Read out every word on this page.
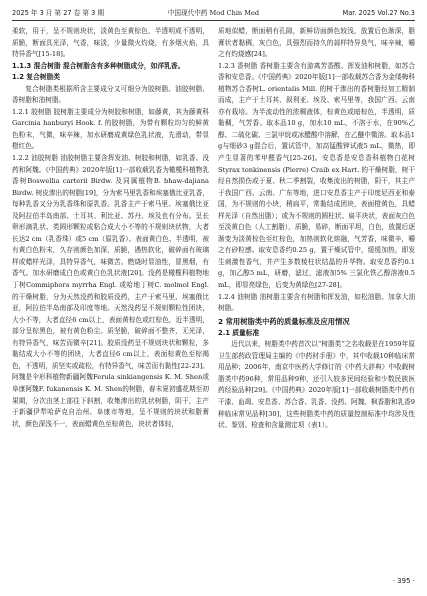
2025 年 3 月 第 27 卷 第 3 期	中国现代中药 Mod Chin Med	Mar. 2025 Vol.27 No.3

柔软，用于，呈不规则块状，淡黄色至黄棕色，半透明或不透明，质脆，断面具光泽，气香，味淡，少量微火灼烧，有多烟火焰，具特异香气[15-18]。

1.1.3 混合树脂 混合树脂含有多种树脂成分，如洋乳香。
1.2 复合树脂类

复合树脂类根据所含主要成分又可细分为胶树脂、油胶树脂、香树脂和油树脂。

1.2.1 胶树脂 胶树脂主要成分为树胶和树脂，如藤黄，其为藤黄科Garcinia hanburyi Hook. f. 的胶树脂，为带有颗粒均匀的鲜黄色粉末，气微，味辛辣，加水研磨成黄绿色乳状液，先滑动，带显橙红色。

1.2.2 油胶树脂 油胶树脂主要含挥发油、树胶和树脂，如乳香、没药和阿魏。《中国药典》2020年版[1]一部收载乳香为橄榄科植物乳香树Boswellia carterii Birdw. 及同属植物B. bhaw-dajiana Birdw. 树皮渗出的树脂[19]，分为索马里乳香和埃塞俄比亚乳香，每种乳香又分为乳香珠和原乳香。乳香主产于索马里、埃塞俄比亚及阿拉伯半岛南部、土耳其、利比亚、苏丹、埃及也有分布。呈长卵形滴乳状、类圆形颗粒或粘合成大小不等的不规则块状物，大者长达2 cm（乳香珠）或5 cm（原乳香）。表面黄白色、半透明，被有黄白色粉末，久存则颜色加深，质脆，遇热软化，破碎面有玻璃样或蜡样光泽，具特异香气，味微苦。燃烧时显油性，冒黑烟，有香气。加水研磨成白色或黄白色乳状液[20]。没药是橄榄科植物地丁树Commiphora myrrha Engl. 或哈地丁树C. molmol Engl. 的干燥树脂，分为天然没药和胶质没药，主产于索马里、埃塞俄比亚，阿拉伯半岛南部及印度等地。天然没药呈不规则颗粒性团块，大小不等，大者直径6 cm以上，表面黄棕色或红棕色，近半透明，部分呈棕黑色，被有黄色粉尘。质坚脆，破碎面不整齐，无光泽，有特异香气，味苦而微辛[21]。胶质没药呈不规则块状和颗粒，多黏结成大小不等的团块，大者直径6 cm以上，表面棕黄色至棕褐色，不透明，质坚实或疏松，有特异香气，味苦而有黏性[22-23]。阿魏是伞形科植物新疆阿魏Ferula sinkiangensis K. M. Shen或阜康阿魏F. fukanensis K. M. Shen的树脂，春末夏初盛花期至初果期，分次由茎上部往下斜割，收集渗出的乳状树脂，阴干，主产于新疆伊犁哈萨克自治州、阜康市等地，呈不规则的块状和脂膏状，颜色深浅不一，表面蜡黄色至棕黄色，块状者体轻，

质地似蜡，断面稍有孔隙，新鲜切面颜色较浅，放置后色渐深，脂膏状者黏稠，灰白色，具强烈而持久的蒜样特异臭气，味辛辣，嚼之有灼烧感[24]。

1.2.3 香树脂 香树脂主要含有游离芳香酸、挥发油和树脂，如苏合香和安息香。《中国药典》2020年版[1]一部收载苏合香为金缕梅科植物苏合香树L. orientalis Mill. 的树干渗出的香树脂经加工精制而成，主产于土耳其、叙利亚、埃及、索马里等，我国广西、云南亦有栽培。为半流动性的浓稠液体，棕黄色或暗棕色，半透明，质黏稠，气芳香。取本品10 g，加水10 mL，不溶于水，在90%乙醇、二硫化碳、三氯甲烷或冰醋酸中溶解，在乙醚中微溶。取本品1 g与细砂3 g混合后，置试管中，加高锰酸钾试液5 mL，微热，即产生显著的苯甲醛香气[25-26]。安息香是安息香科植物白花树Styrax tonkinensis (Pierre) Craib ex Hart. 的干燥树脂，树干经自然损伤或于夏、秋二季割裂，收集流出的树脂，阴干，其主产于我国广西、云南、广东等地，进口安息香主产于印度尼西亚和泰国，为不规则的小块，稍扁平，常黏结成团块，表面橙黄色，具蜡样光泽（自然出脂）；或为不规则的圆柱状、扁平块状，表面灰白色至淡黄白色（人工割脂），质脆，易碎，断面平坦，白色，放置后逐渐变为淡黄棕色至红棕色，加热则软化熔融，气芳香，味微辛，嚼之有砂粒感。取安息香约0.25 g，置干燥试管中，缓缓加热，即发生刺激性香气，并产生多数棱柱状结晶的升华物。取安息香约0.1 g，加乙醇5 mL，研磨，滤过，滤液加5% 三氯化铁乙醇溶液0.5 mL，即显亮绿色，后变为黄绿色[27-28]。

1.2.4 油树脂 油树脂主要含有树脂和挥发油，如松油脂、加拿大油树脂。

2 常用树脂类中药的质量标准及应用情况
2.1 质量标准

近代以来，树脂类中药首次以“树脂类”之名收载是在1959年原卫生部药政管理局主编的《中药材手册》中，其中收载10种临床常用品种；2006年，南京中医药大学修订的《中药大辞典》中收载树脂类中药96种，常用品种9种，还引入较多民间经验和少数民族医药经验品种[29]。《中国药典》2020年版[1]一部收载树脂类中药有干漆、血竭、安息香、苏合香、乳香、没药、阿魏、枫香脂和乳香9种临床常见品种[30]，这些树脂类中药的质量控制标准中均涉及性状、鉴别、检查和含量测定项（表1）。

· 395 ·
